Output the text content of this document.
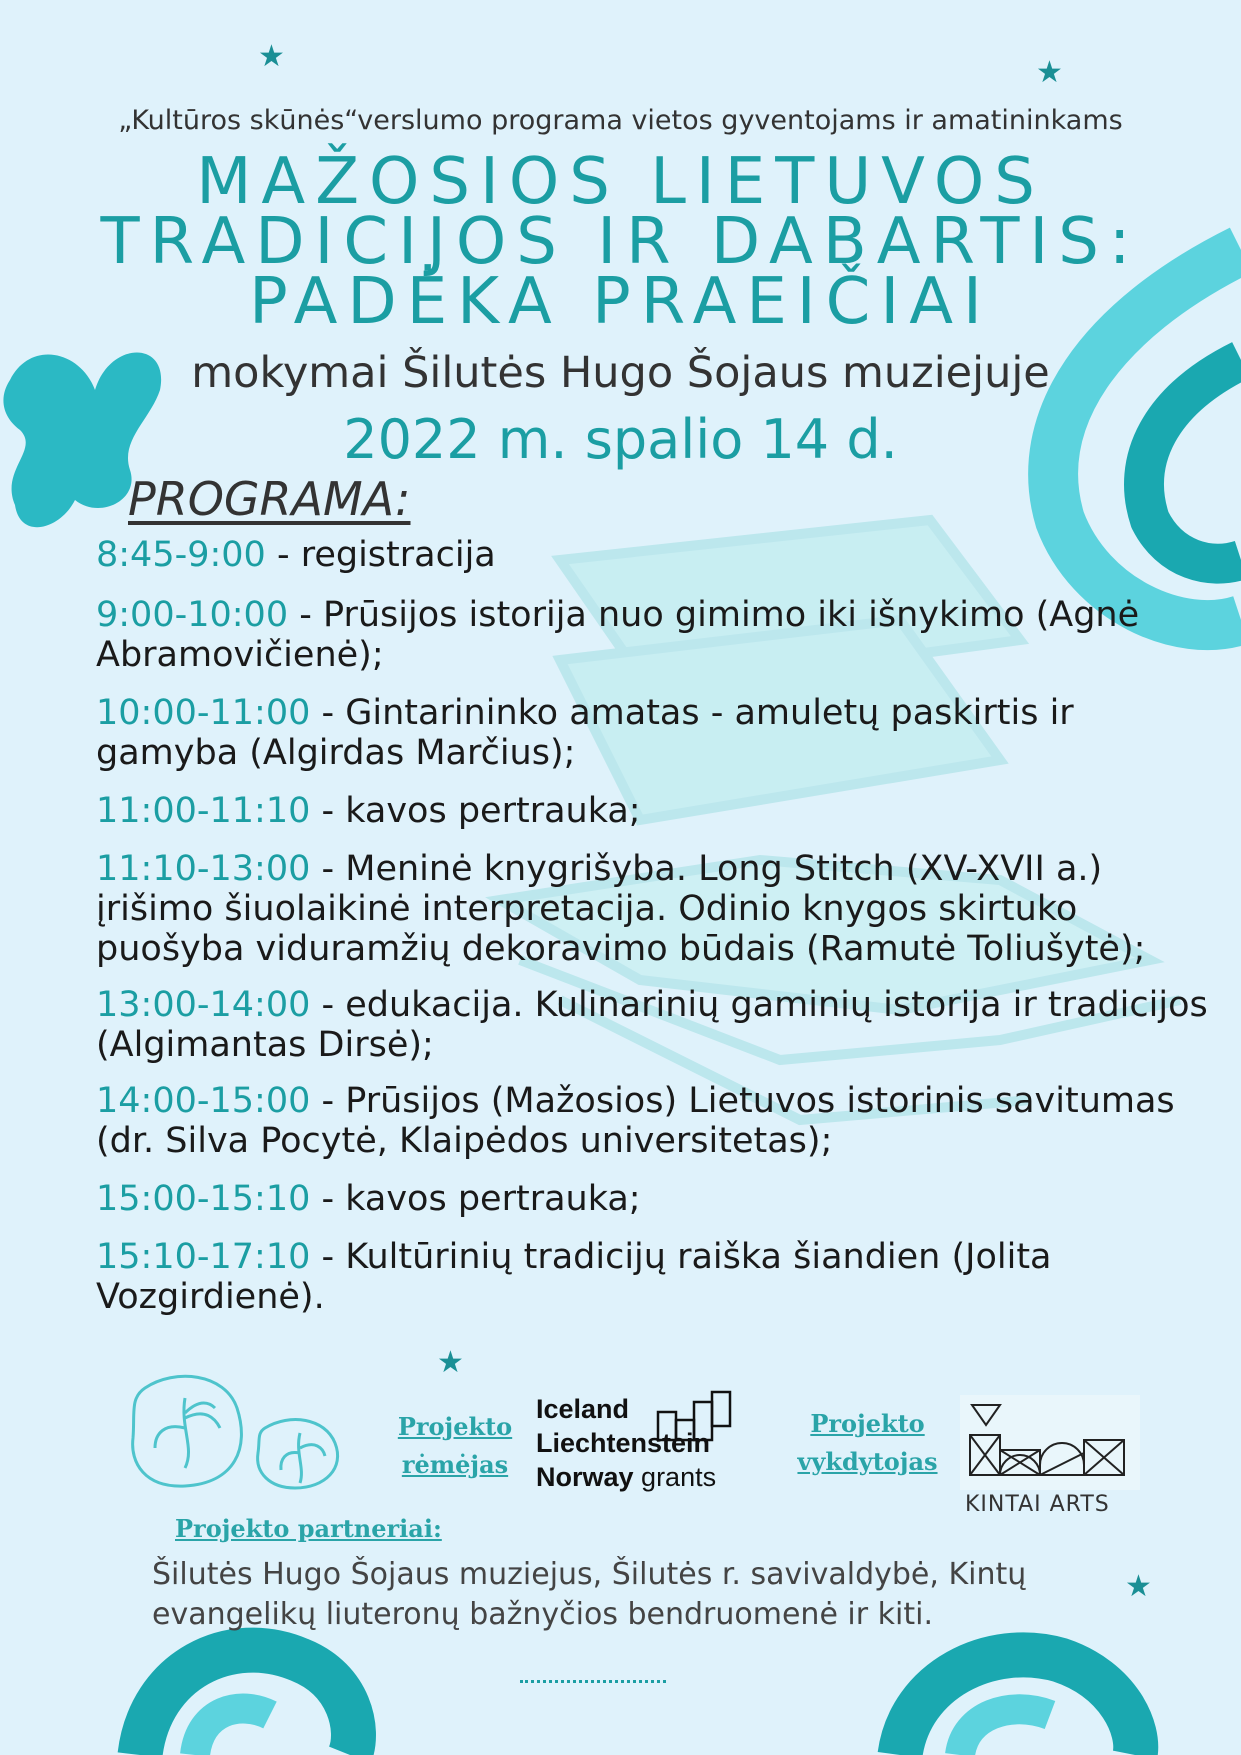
★	★
★
★
„Kultūros skūnės“verslumo programa vietos gyventojams ir amatininkams
MAŽOSIOS LIETUVOS
TRADICIJOS IR DABARTIS:
PADĖKA PRAEIČIAI
mokymai Šilutės Hugo Šojaus muziejuje
2022 m. spalio 14 d.
PROGRAMA:
8:45-9:00 - registracija
9:00-10:00 - Prūsijos istorija nuo gimimo iki išnykimo (Agnė Abramovičienė);
10:00-11:00 - Gintarininko amatas - amuletų paskirtis ir gamyba (Algirdas Marčius);
11:00-11:10 - kavos pertrauka;
11:10-13:00 - Meninė knygrišyba. Long Stitch (XV-XVII a.) įrišimo šiuolaikinė interpretacija. Odinio knygos skirtuko puošyba viduramžių dekoravimo būdais (Ramutė Toliušytė);
13:00-14:00 - edukacija. Kulinarinių gaminių istorija ir tradicijos (Algimantas Dirsė);
14:00-15:00 - Prūsijos (Mažosios) Lietuvos istorinis savitumas (dr. Silva Pocytė, Klaipėdos universitetas);
15:00-15:10 - kavos pertrauka;
15:10-17:10 - Kultūrinių tradicijų raiška šiandien (Jolita Vozgirdienė).
Projekto rėmėjas
Iceland
Liechtenstein
Norway grants
Projekto vykdytojas
KINTAI ARTS
Projekto partneriai:
Šilutės Hugo Šojaus muziejus, Šilutės r. savivaldybė, Kintų evangelikų liuteronų bažnyčios bendruomenė ir kiti.
